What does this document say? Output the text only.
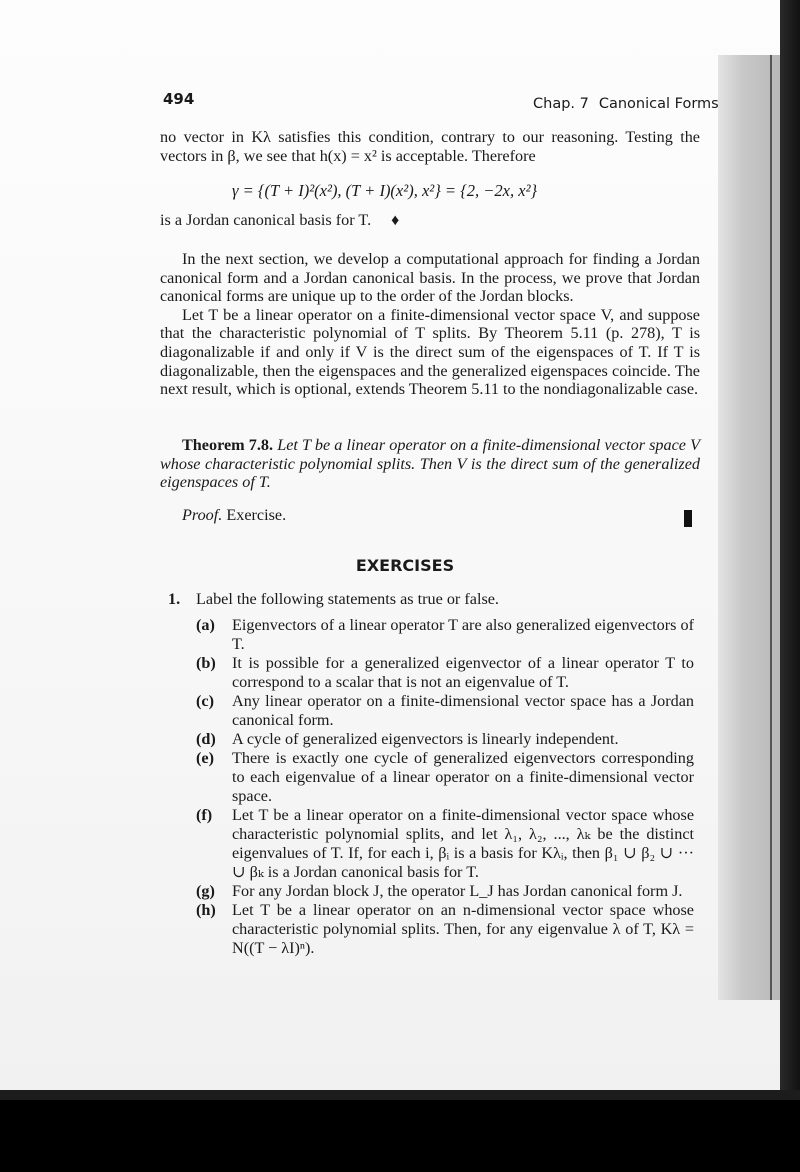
494	Chap. 7 Canonical Forms
no vector in Kλ satisfies this condition, contrary to our reasoning. Testing the vectors in β, we see that h(x) = x² is acceptable. Therefore
γ = {(T + I)²(x²), (T + I)(x²), x²} = {2, −2x, x²}
is a Jordan canonical basis for T. ♦
In the next section, we develop a computational approach for finding a Jordan canonical form and a Jordan canonical basis. In the process, we prove that Jordan canonical forms are unique up to the order of the Jordan blocks.
Let T be a linear operator on a finite-dimensional vector space V, and suppose that the characteristic polynomial of T splits. By Theorem 5.11 (p. 278), T is diagonalizable if and only if V is the direct sum of the eigenspaces of T. If T is diagonalizable, then the eigenspaces and the generalized eigenspaces coincide. The next result, which is optional, extends Theorem 5.11 to the nondiagonalizable case.
Theorem 7.8. Let T be a linear operator on a finite-dimensional vector space V whose characteristic polynomial splits. Then V is the direct sum of the generalized eigenspaces of T.
Proof. Exercise.
EXERCISES
1. Label the following statements as true or false.
(a) Eigenvectors of a linear operator T are also generalized eigenvectors of T.
(b) It is possible for a generalized eigenvector of a linear operator T to correspond to a scalar that is not an eigenvalue of T.
(c) Any linear operator on a finite-dimensional vector space has a Jordan canonical form.
(d) A cycle of generalized eigenvectors is linearly independent.
(e) There is exactly one cycle of generalized eigenvectors corresponding to each eigenvalue of a linear operator on a finite-dimensional vector space.
(f) Let T be a linear operator on a finite-dimensional vector space whose characteristic polynomial splits, and let λ₁, λ₂, ..., λₖ be the distinct eigenvalues of T. If, for each i, βᵢ is a basis for Kλᵢ, then β₁ ∪ β₂ ∪ ··· ∪ βₖ is a Jordan canonical basis for T.
(g) For any Jordan block J, the operator L_J has Jordan canonical form J.
(h) Let T be a linear operator on an n-dimensional vector space whose characteristic polynomial splits. Then, for any eigenvalue λ of T, Kλ = N((T − λI)ⁿ).
